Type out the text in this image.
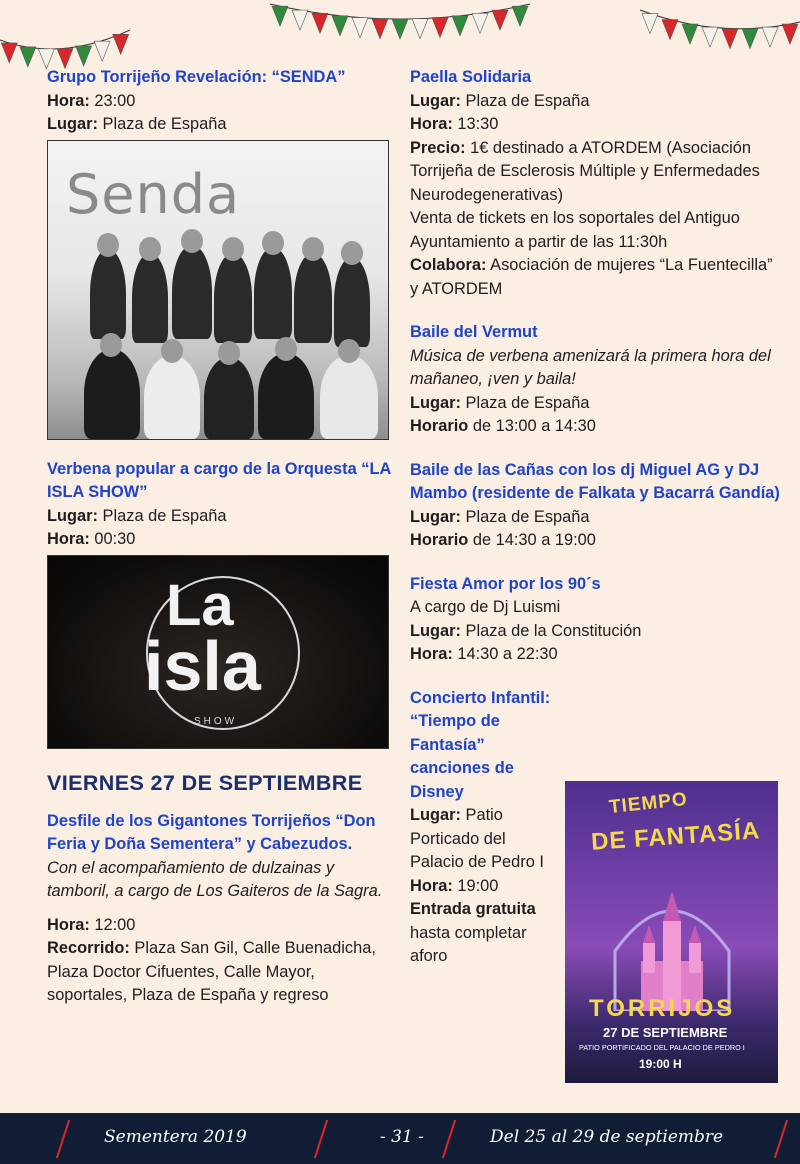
Grupo Torrijeño Revelación: “SENDA”
Hora: 23:00
Lugar: Plaza de España
Senda
Verbena popular a cargo de la Orquesta “LA ISLA SHOW”
Lugar: Plaza de España
Hora: 00:30
La
isla
SHOW
VIERNES 27 DE SEPTIEMBRE
Desfile de los Gigantones Torrijeños “Don Feria y Doña Sementera” y Cabezudos.
Con el acompañamiento de dulzainas y tamboril, a cargo de Los Gaiteros de la Sagra.
Hora: 12:00
Recorrido: Plaza San Gil, Calle Buenadicha, Plaza Doctor Cifuentes, Calle Mayor, soportales, Plaza de España y regreso
Paella Solidaria
Lugar: Plaza de España
Hora: 13:30
Precio: 1€ destinado a ATORDEM (Asociación Torrijeña de Esclerosis Múltiple y Enfermedades Neurodegenerativas)
Venta de tickets en los soportales del Antiguo Ayuntamiento a partir de las 11:30h
Colabora: Asociación de mujeres “La Fuentecilla” y ATORDEM
Baile del Vermut
Música de verbena amenizará la primera hora del mañaneo, ¡ven y baila!
Lugar: Plaza de España
Horario de 13:00 a 14:30
Baile de las Cañas con los dj Miguel AG y DJ Mambo (residente de Falkata y Bacarrá Gandía)
Lugar: Plaza de España
Horario de 14:30 a 19:00
Fiesta Amor por los 90´s
A cargo de Dj Luismi
Lugar: Plaza de la Constitución
Hora: 14:30 a 22:30
Concierto Infantil: “Tiempo de Fantasía” canciones de Disney
Lugar: Patio Porticado del Palacio de Pedro I
Hora: 19:00
Entrada gratuita hasta completar aforo
TIEMPO
DE FANTASÍA
TORRIJOS
27 DE SEPTIEMBRE
PATIO PORTIFICADO DEL PALACIO DE PEDRO I
19:00 H
Sementera 2019	- 31 -	Del 25 al 29 de septiembre
